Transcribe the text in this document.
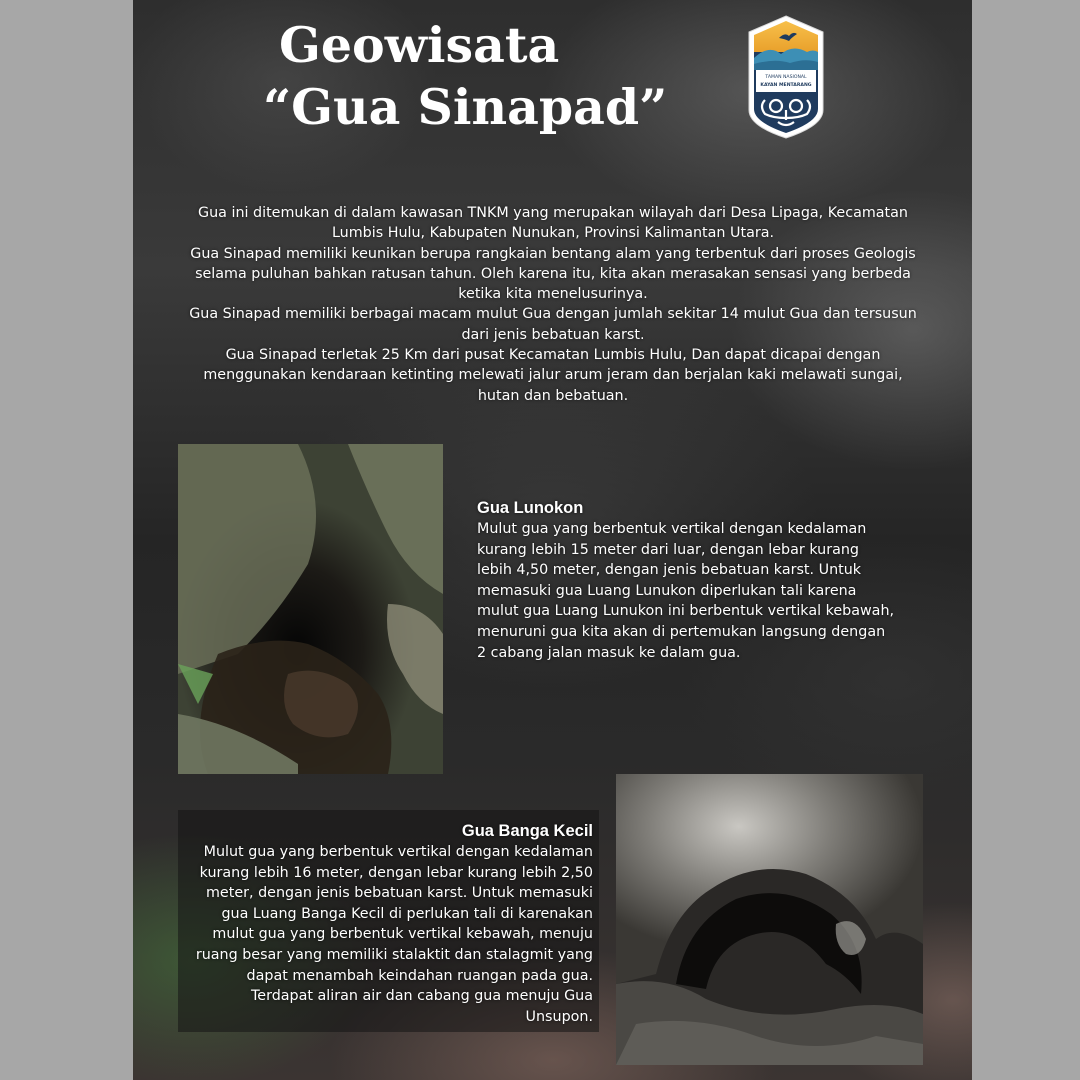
Geowisata
“Gua Sinapad”
TAMAN NASIONAL
KAYAN MENTARANG

Gua ini ditemukan di dalam kawasan TNKM yang merupakan wilayah dari Desa Lipaga, Kecamatan Lumbis Hulu, Kabupaten Nunukan, Provinsi Kalimantan Utara.

Gua Sinapad memiliki keunikan berupa rangkaian bentang alam yang terbentuk dari proses Geologis selama puluhan bahkan ratusan tahun. Oleh karena itu, kita akan merasakan sensasi yang berbeda ketika kita menelusurinya.

Gua Sinapad memiliki berbagai macam mulut Gua dengan jumlah sekitar 14 mulut Gua dan tersusun dari jenis bebatuan karst.

Gua Sinapad terletak 25 Km dari pusat Kecamatan Lumbis Hulu, Dan dapat dicapai dengan menggunakan kendaraan ketinting melewati jalur arum jeram dan berjalan kaki melawati sungai, hutan dan bebatuan.

Gua Lunokon
Mulut gua yang berbentuk vertikal dengan kedalaman kurang lebih 15 meter dari luar, dengan lebar kurang lebih 4,50 meter, dengan jenis bebatuan karst. Untuk memasuki gua Luang Lunukon diperlukan tali karena mulut gua Luang Lunukon ini berbentuk vertikal kebawah, menuruni gua kita akan di pertemukan langsung dengan 2 cabang jalan masuk ke dalam gua.
Gua Banga Kecil
Mulut gua yang berbentuk vertikal dengan kedalaman kurang lebih 16 meter, dengan lebar kurang lebih 2,50 meter, dengan jenis bebatuan karst. Untuk memasuki gua Luang Banga Kecil di perlukan tali di karenakan mulut gua yang berbentuk vertikal kebawah, menuju ruang besar yang memiliki stalaktit dan stalagmit yang dapat menambah keindahan ruangan pada gua. Terdapat aliran air dan cabang gua menuju Gua Unsupon.
